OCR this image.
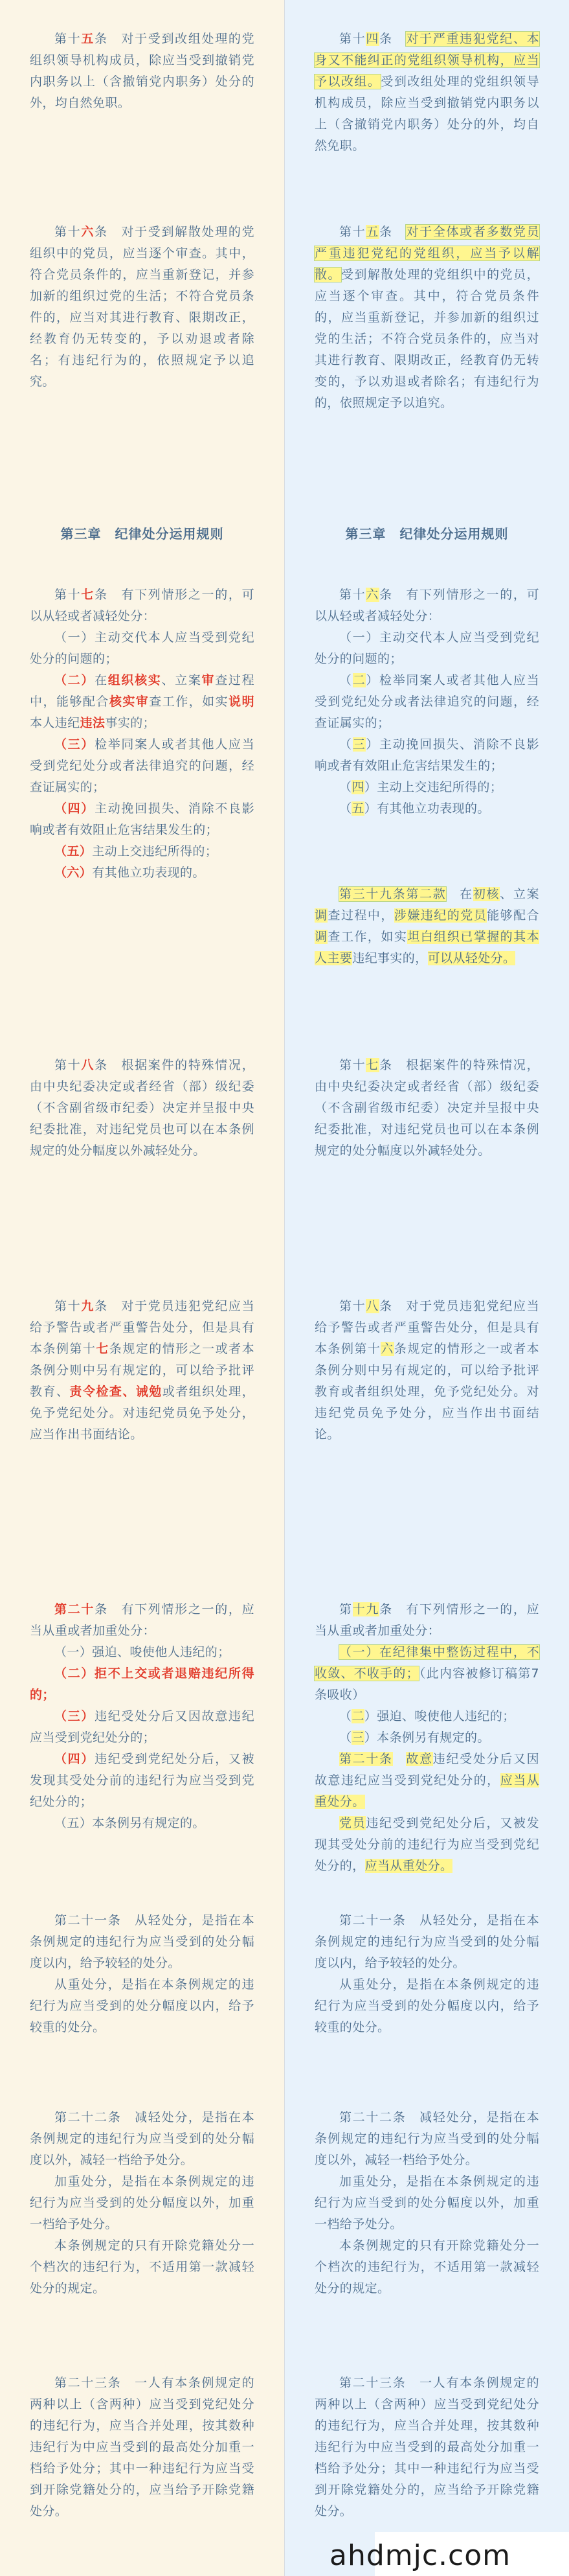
第十五条　对于受到改组处理的党组织领导机构成员，除应当受到撤销党内职务以上（含撤销党内职务）处分的外，均自然免职。

第十六条　对于受到解散处理的党组织中的党员，应当逐个审查。其中，符合党员条件的，应当重新登记，并参加新的组织过党的生活；不符合党员条件的，应当对其进行教育、限期改正，经教育仍无转变的，予以劝退或者除名；有违纪行为的，依照规定予以追究。

第三章　纪律处分运用规则

第十七条　有下列情形之一的，可以从轻或者减轻处分：

（一）主动交代本人应当受到党纪处分的问题的；

（二）在组织核实、立案审查过程中，能够配合核实审查工作，如实说明本人违纪违法事实的；

（三）检举同案人或者其他人应当受到党纪处分或者法律追究的问题，经查证属实的；

（四）主动挽回损失、消除不良影响或者有效阻止危害结果发生的；

（五）主动上交违纪所得的；

（六）有其他立功表现的。

第十八条　根据案件的特殊情况，由中央纪委决定或者经省（部）级纪委（不含副省级市纪委）决定并呈报中央纪委批准，对违纪党员也可以在本条例规定的处分幅度以外减轻处分。

第十九条　对于党员违犯党纪应当给予警告或者严重警告处分，但是具有本条例第十七条规定的情形之一或者本条例分则中另有规定的，可以给予批评教育、责令检查、诫勉或者组织处理，免予党纪处分。对违纪党员免予处分，应当作出书面结论。

第二十条　有下列情形之一的，应当从重或者加重处分：

（一）强迫、唆使他人违纪的；

（二）拒不上交或者退赔违纪所得的；

（三）违纪受处分后又因故意违纪应当受到党纪处分的；

（四）违纪受到党纪处分后，又被发现其受处分前的违纪行为应当受到党纪处分的；

（五）本条例另有规定的。

第二十一条　从轻处分，是指在本条例规定的违纪行为应当受到的处分幅度以内，给予较轻的处分。

从重处分，是指在本条例规定的违纪行为应当受到的处分幅度以内，给予较重的处分。

第二十二条　减轻处分，是指在本条例规定的违纪行为应当受到的处分幅度以外，减轻一档给予处分。

加重处分，是指在本条例规定的违纪行为应当受到的处分幅度以外，加重一档给予处分。

本条例规定的只有开除党籍处分一个档次的违纪行为，不适用第一款减轻处分的规定。

第二十三条　一人有本条例规定的两种以上（含两种）应当受到党纪处分的违纪行为，应当合并处理，按其数种违纪行为中应当受到的最高处分加重一档给予处分；其中一种违纪行为应当受到开除党籍处分的，应当给予开除党籍处分。

第十四条　对于严重违犯党纪、本身又不能纠正的党组织领导机构，应当予以改组。受到改组处理的党组织领导机构成员，除应当受到撤销党内职务以上（含撤销党内职务）处分的外，均自然免职。

第十五条　对于全体或者多数党员严重违犯党纪的党组织，应当予以解散。受到解散处理的党组织中的党员，应当逐个审查。其中，符合党员条件的，应当重新登记，并参加新的组织过党的生活；不符合党员条件的，应当对其进行教育、限期改正，经教育仍无转变的，予以劝退或者除名；有违纪行为的，依照规定予以追究。

第三章　纪律处分运用规则

第十六条　有下列情形之一的，可以从轻或者减轻处分：

（一）主动交代本人应当受到党纪处分的问题的；

（二）检举同案人或者其他人应当受到党纪处分或者法律追究的问题，经查证属实的；

（三）主动挽回损失、消除不良影响或者有效阻止危害结果发生的；

（四）主动上交违纪所得的；

（五）有其他立功表现的。

第三十九条第二款　在初核、立案调查过程中，涉嫌违纪的党员能够配合调查工作，如实坦白组织已掌握的其本人主要违纪事实的，可以从轻处分。

第十七条　根据案件的特殊情况，由中央纪委决定或者经省（部）级纪委（不含副省级市纪委）决定并呈报中央纪委批准，对违纪党员也可以在本条例规定的处分幅度以外减轻处分。

第十八条　对于党员违犯党纪应当给予警告或者严重警告处分，但是具有本条例第十六条规定的情形之一或者本条例分则中另有规定的，可以给予批评教育或者组织处理，免予党纪处分。对违纪党员免予处分，应当作出书面结论。

第十九条　有下列情形之一的，应当从重或者加重处分：

（一）在纪律集中整饬过程中，不收敛、不收手的；（此内容被修订稿第7条吸收）

（二）强迫、唆使他人违纪的；

（三）本条例另有规定的。

第二十条　 故意违纪受处分后又因故意违纪应当受到党纪处分的，应当从重处分。

党员违纪受到党纪处分后，又被发现其受处分前的违纪行为应当受到党纪处分的，应当从重处分。

第二十一条　从轻处分，是指在本条例规定的违纪行为应当受到的处分幅度以内，给予较轻的处分。

从重处分，是指在本条例规定的违纪行为应当受到的处分幅度以内，给予较重的处分。

第二十二条　减轻处分，是指在本条例规定的违纪行为应当受到的处分幅度以外，减轻一档给予处分。

加重处分，是指在本条例规定的违纪行为应当受到的处分幅度以外，加重一档给予处分。

本条例规定的只有开除党籍处分一个档次的违纪行为，不适用第一款减轻处分的规定。

第二十三条　一人有本条例规定的两种以上（含两种）应当受到党纪处分的违纪行为，应当合并处理，按其数种违纪行为中应当受到的最高处分加重一档给予处分；其中一种违纪行为应当受到开除党籍处分的，应当给予开除党籍处分。

ahdmjc.com
